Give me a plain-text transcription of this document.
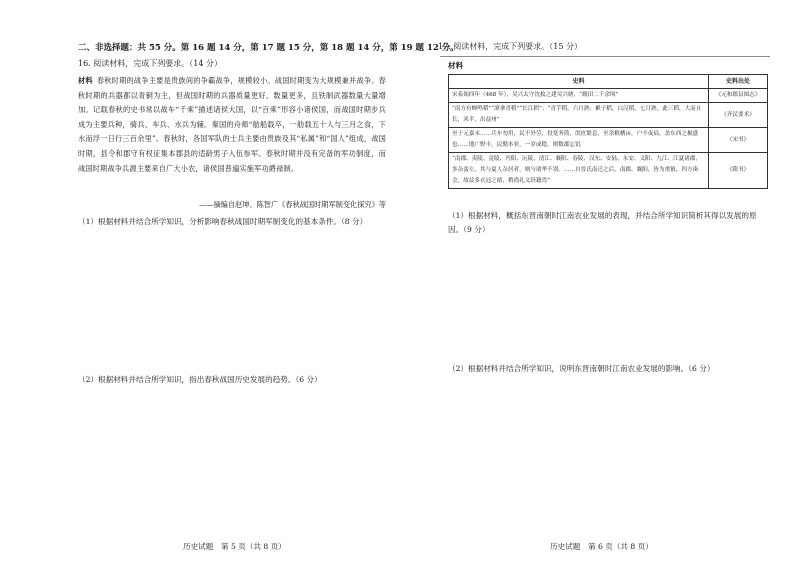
二、非选择题：共 55 分。第 16 题 14 分，第 17 题 15 分，第 18 题 14 分，第 19 题 12 分。
16. 阅读材料，完成下列要求。（14 分）
材料 春秋时期的战争主要是贵族间的争霸战争，规模较小。战国时期变为大规模兼并战争。春秋时期的兵器都以青铜为主，但战国时期的兵器质量更好、数量更多，且铁制武器数量大量增加。记载春秋的史书常以战车“千乘”描述诸侯大国，以“百乘”形容小诸侯国，而战国时期步兵成为主要兵种，骑兵、车兵、水兵为辅。秦国的舟师“舫船载卒，一舫载五十人与三月之食，下水而浮一日行三百余里”。春秋时，各国军队的士兵主要由贵族及其“私属”和“国人”组成，战国时期，县令和郡守有权征集本郡县的适龄男子入伍参军。春秋时期并没有完备的军功制度，而战国时期战争兵源主要来自广大小农，诸侯国普遍实施军功爵禄制。
——摘编自赵坤、陈智广《春秋战国时期军制变化探究》等
（1）根据材料并结合所学知识，分析影响春秋战国时期军制变化的基本条件。（8 分）
（2）根据材料并结合所学知识，指出春秋战国历史发展的趋势。（6 分）
历史试题　第 5 页（共 8 页）
17. 阅读材料，完成下列要求。（15 分）
材料
史料	史料出处
宋泰始四年（468 年），吴兴太守沈攸之建吴兴塘，“溉田二千余顷”	《元和郡县图志》
“南方有蝉鸣稻”“潦拿青稻”“长江稻”；“青芋稻，六月熟；累子稻，白汉稻，七月熟。此三稻，大而且长，米半，出益州”	《齐民要术》
至于元嘉末……兵车勿用，民不外劳，役宽务简，氓庶繁息，至余粮栖亩，户不夜扃，盖东西之极盛也……地广野丰，民勤本业，一岁或稔，则数郡忘饥	《宋书》
“南郡、夷陵、竟陵、沔阳、沅陵、清江、襄阳、春陵、汉东、安陆、永安、义阳、九江、江夏诸郡，多杂蛮左，其与夏人杂居者，则与诸华不别。……自晋氏南迁之后，南郡、襄阳，皆为重镇，四方凑会，故益多衣冠之绪，稍尚礼义经籍焉”	《隋书》
（1）根据材料，概括东晋南朝时江南农业发展的表现，并结合所学知识简析其得以发展的原因。（9 分）
（2）根据材料并结合所学知识，说明东晋南朝时江南农业发展的影响。（6 分）
历史试题　第 6 页（共 8 页）
